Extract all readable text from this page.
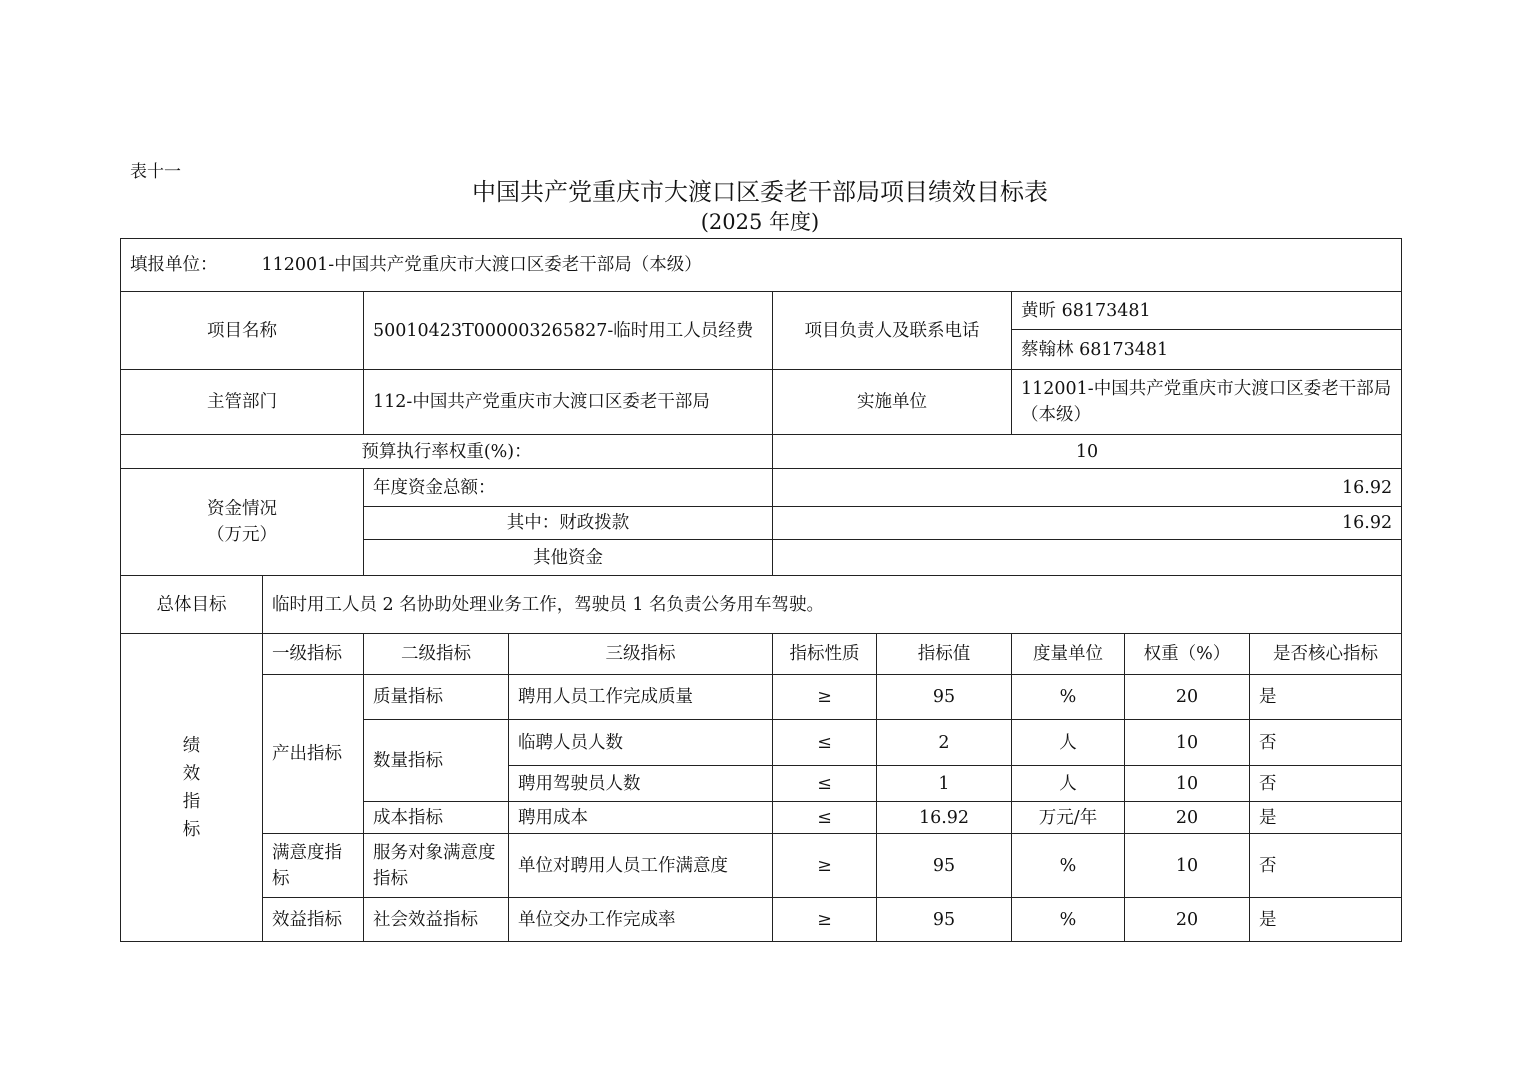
表十一
中国共产党重庆市大渡口区委老干部局项目绩效目标表
(2025 年度)
填报单位： 112001-中国共产党重庆市大渡口区委老干部局（本级）								
项目名称		50010423T000003265827-临时用工人员经费		项目负责人及联系电话		黄昕 68173481		
						蔡翰林 68173481		
主管部门		112-中国共产党重庆市大渡口区委老干部局		实施单位		112001-中国共产党重庆市大渡口区委老干部局（本级）		
预算执行率权重(%)：				10				

资金情况
（万元）		年度资金总额：		16.92				
		其中：财政拨款		16.92				
		其他资金						
总体目标	临时用工人员 2 名协助处理业务工作，驾驶员 1 名负责公务用车驾驶。							

绩
效
指
标	一级指标	二级指标	三级指标	指标性质	指标值	度量单位	权重（%）	是否核心指标
	产出指标	质量指标	聘用人员工作完成质量	≥	95	%	20	是
		数量指标	临聘人员人数	≤	2	人	10	否
			聘用驾驶员人数	≤	1	人	10	否
		成本指标	聘用成本	≤	16.92	万元/年	20	是
	满意度指标	服务对象满意度指标	单位对聘用人员工作满意度	≥	95	%	10	否
	效益指标	社会效益指标	单位交办工作完成率	≥	95	%	20	是
